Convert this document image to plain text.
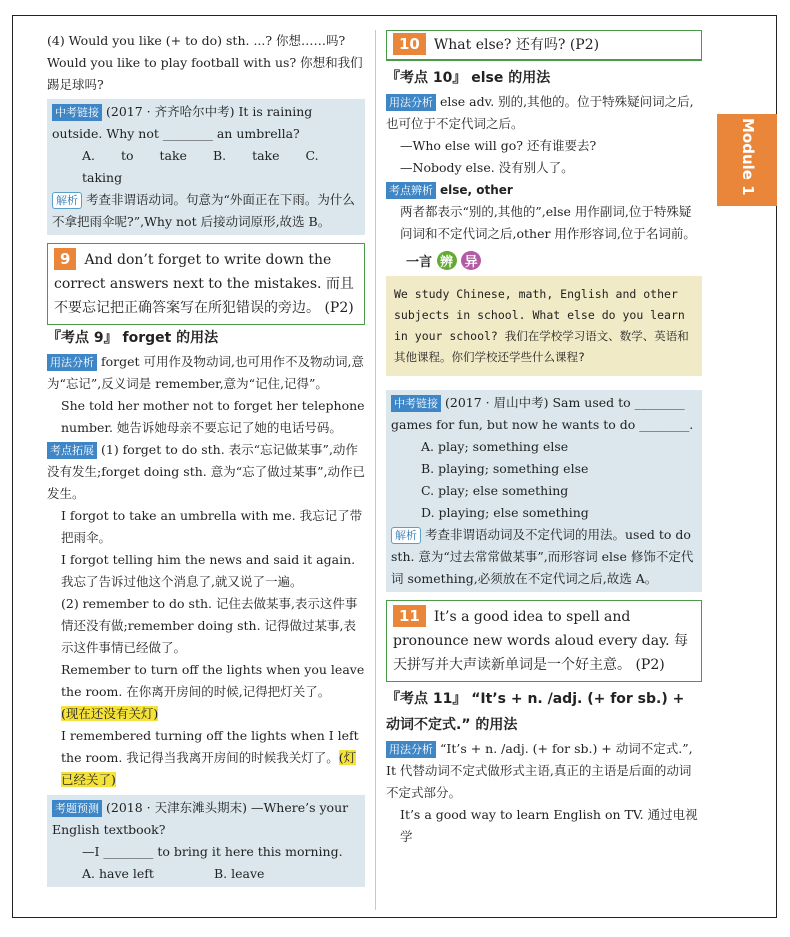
Module 1

(4) Would you like (+ to do) sth. ...? 你想……吗?

Would you like to play football with us? 你想和我们踢足球吗?

中考链接 (2017 · 齐齐哈尔中考) It is raining outside. Why not ________ an umbrella?

A. to take B. take C. taking

解析 考查非谓语动词。句意为“外面正在下雨。为什么不拿把雨伞呢?”,Why not 后接动词原形,故选 B。

9 And don’t forget to write down the correct answers next to the mistakes. 而且不要忘记把正确答案写在所犯错误的旁边。 (P2)
『考点 9』 forget 的用法

用法分析 forget 可用作及物动词,也可用作不及物动词,意为“忘记”,反义词是 remember,意为“记住,记得”。

She told her mother not to forget her telephone number. 她告诉她母亲不要忘记了她的电话号码。

考点拓展 (1) forget to do sth. 表示“忘记做某事”,动作没有发生;forget doing sth. 意为“忘了做过某事”,动作已发生。

I forgot to take an umbrella with me. 我忘记了带把雨伞。

I forgot telling him the news and said it again. 我忘了告诉过他这个消息了,就又说了一遍。

(2) remember to do sth. 记住去做某事,表示这件事情还没有做;remember doing sth. 记得做过某事,表示这件事情已经做了。

Remember to turn off the lights when you leave the room. 在你离开房间的时候,记得把灯关了。

(现在还没有关灯)

I remembered turning off the lights when I left the room. 我记得当我离开房间的时候我关灯了。(灯已经关了)

考题预测 (2018 · 天津东滩头期末) —Where’s your English textbook?

—I ________ to bring it here this morning.

A. have left	B. leave

10 What else? 还有吗? (P2)
『考点 10』 else 的用法

用法分析 else adv. 别的,其他的。位于特殊疑问词之后,也可位于不定代词之后。

—Who else will go? 还有谁要去?

—Nobody else. 没有别人了。

考点辨析 else, other

两者都表示“别的,其他的”,else 用作副词,位于特殊疑问词和不定代词之后,other 用作形容词,位于名词前。

一言 辨 异
We study Chinese, math, English and other subjects in school. What else do you learn in your school? 我们在学校学习语文、数学、英语和其他课程。你们学校还学些什么课程?

中考链接 (2017 · 眉山中考) Sam used to ________ games for fun, but now he wants to do ________.

A. play; something else

B. playing; something else

C. play; else something

D. playing; else something

解析 考查非谓语动词及不定代词的用法。used to do sth. 意为“过去常常做某事”,而形容词 else 修饰不定代词 something,必须放在不定代词之后,故选 A。

11 It’s a good idea to spell and pronounce new words aloud every day. 每天拼写并大声读新单词是一个好主意。 (P2)
『考点 11』 “It’s + n. /adj. (+ for sb.) + 动词不定式.” 的用法

用法分析 “It’s + n. /adj. (+ for sb.) + 动词不定式.”, It 代替动词不定式做形式主语,真正的主语是后面的动词不定式部分。

It’s a good way to learn English on TV. 通过电视学
